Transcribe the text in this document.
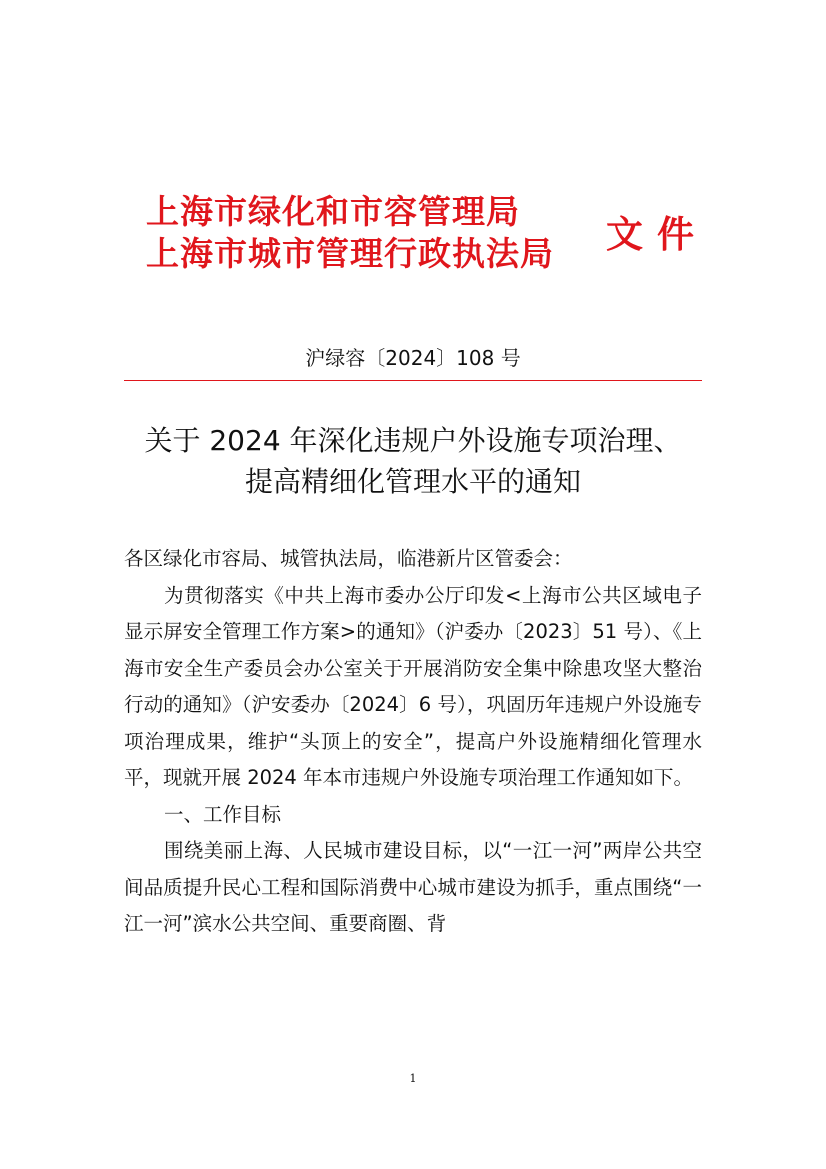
上海市绿化和市容管理局
上海市城市管理行政执法局 文件
沪绿容〔2024〕108 号
关于 2024 年深化违规户外设施专项治理、
提高精细化管理水平的通知

各区绿化市容局、城管执法局，临港新片区管委会：

为贯彻落实《中共上海市委办公厅印发<上海市公共区域电子显示屏安全管理工作方案>的通知》（沪委办〔2023〕51 号）、《上海市安全生产委员会办公室关于开展消防安全集中除患攻坚大整治行动的通知》（沪安委办〔2024〕6 号），巩固历年违规户外设施专项治理成果，维护“头顶上的安全”，提高户外设施精细化管理水平，现就开展 2024 年本市违规户外设施专项治理工作通知如下。

一、工作目标

围绕美丽上海、人民城市建设目标，以“一江一河”两岸公共空间品质提升民心工程和国际消费中心城市建设为抓手，重点围绕“一江一河”滨水公共空间、重要商圈、背

1
